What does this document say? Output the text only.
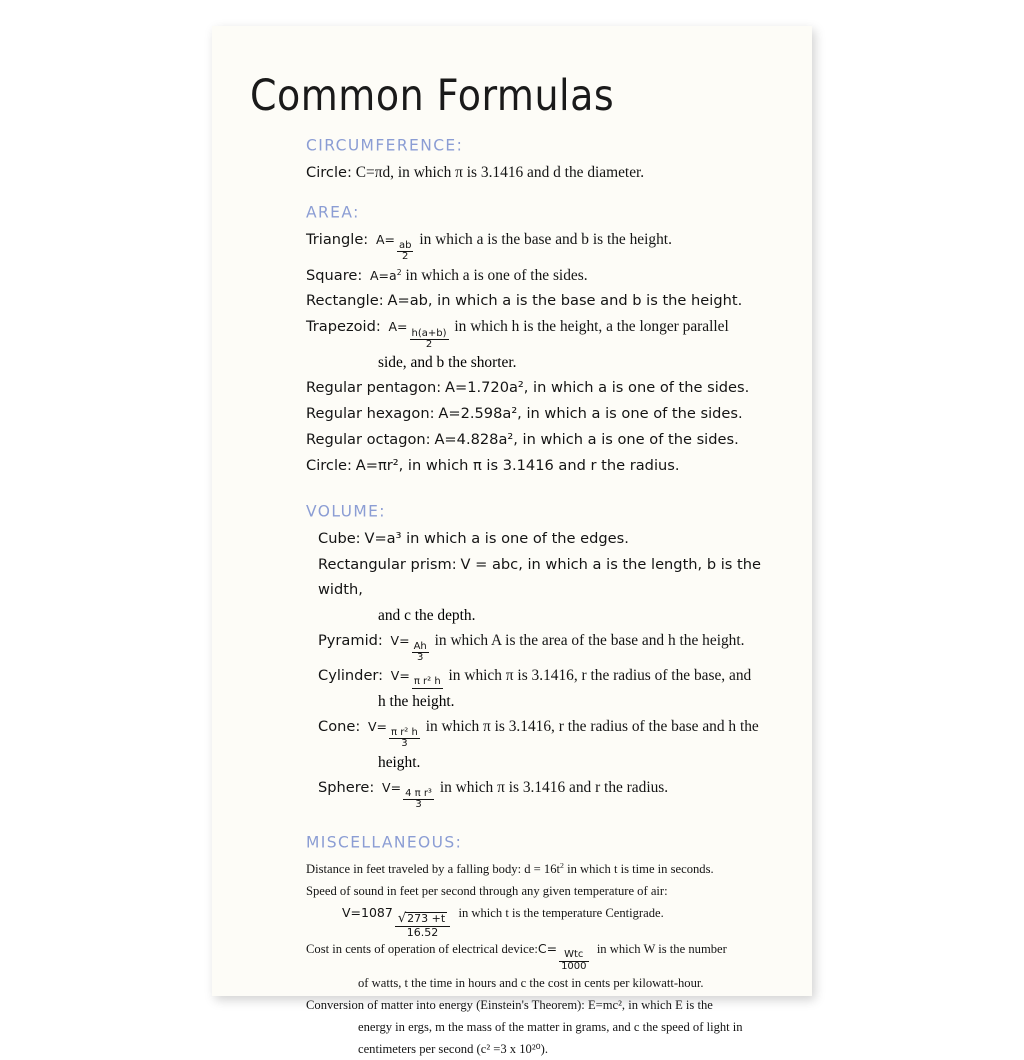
Common Formulas
CIRCUMFERENCE:
Circle: C=πd, in which π is 3.1416 and d the diameter.
AREA:
Triangle: A=
$\frac{ab}{2}$
in which a is the base and b is the height.
Square: $A=a^2$ in which a is one of the sides.
Rectangle: A=ab, in which a is the base and b is the height.
Trapezoid: A=
$\frac{h(a+b)}{2}$
in which h is the height, a the longer parallel
side, and b the shorter.
Regular pentagon: A=1.720a², in which a is one of the sides.
Regular hexagon: A=2.598a², in which a is one of the sides.
Regular octagon: A=4.828a², in which a is one of the sides.
Circle: A=πr², in which π is 3.1416 and r the radius.
VOLUME:
Cube: V=a³ in which a is one of the edges.
Rectangular prism: V = abc, in which a is the length, b is the width,
and c the depth.
Pyramid: V=
$\frac{Ah}{3}$
in which A is the area of the base and h the height.
Cylinder: V= π r² h in which π is 3.1416, r the radius of the base, and
h the height.
Cone: V=
$\frac{\text{π r² h}}{3}$
in which π is 3.1416, r the radius of the base and h the
height.
Sphere: V=
$\frac{\text{4 π r³}}{3}$
in which π is 3.1416 and r the radius.
MISCELLANEOUS:
Distance in feet traveled by a falling body: $d = 16t^2$ in which t is time in seconds.
Speed of sound in feet per second through any given temperature of air:
$V=1087 \frac{√273 +t}{16.52}$ in which t is the temperature Centigrade.
Cost in cents of operation of electrical device:C=
$\frac{\text{Wtc}}{1000}$
in which W is the number
of watts, t the time in hours and c the cost in cents per kilowatt-hour.
Conversion of matter into energy (Einstein's Theorem): E=mc², in which E is the
energy in ergs, m the mass of the matter in grams, and c the speed of light in
centimeters per second (c² =3 x 10²⁰).
